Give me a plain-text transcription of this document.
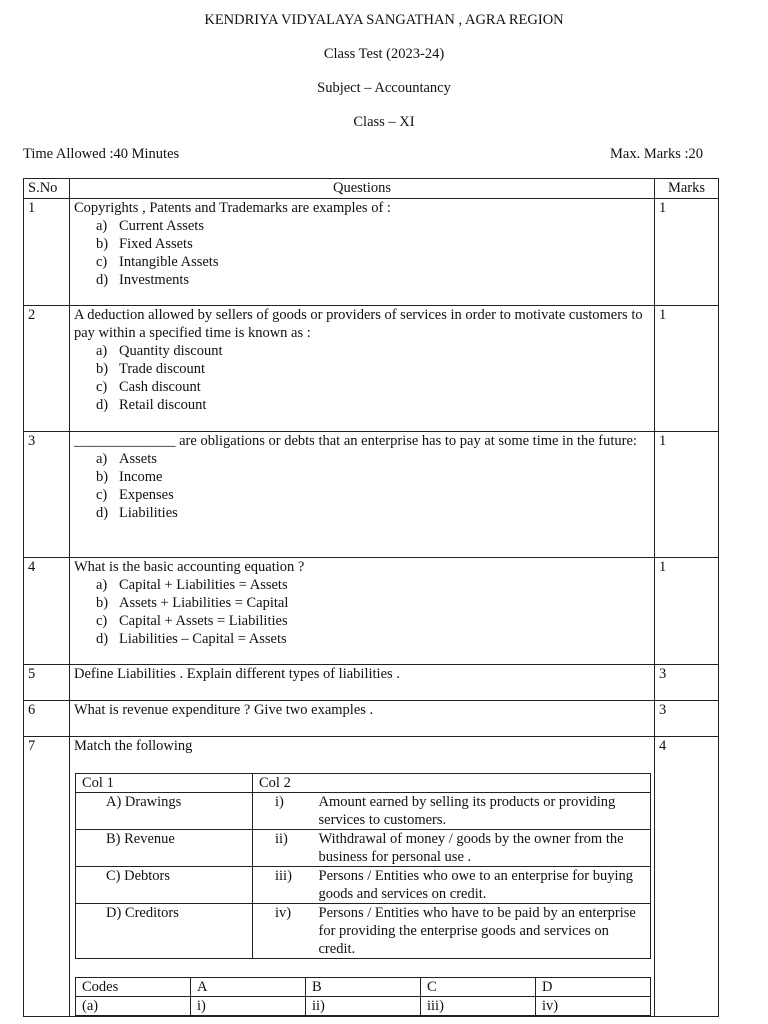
KENDRIYA VIDYALAYA SANGATHAN , AGRA REGION
Class Test (2023-24)
Subject – Accountancy
Class – XI
Time Allowed :40 Minutes	Max. Marks :20
S.No	Questions	Marks
1	Copyrights , Patents and Trademarks are examples of :
a) Current Assets
b) Fixed Assets
c) Intangible Assets
d) Investments
	1
2	A deduction allowed by sellers of goods or providers of services in order to motivate customers to pay within a specified time is known as :
a) Quantity discount
b) Trade discount
c) Cash discount
d) Retail discount
	1
3	______________ are obligations or debts that an enterprise has to pay at some time in the future:
a) Assets
b) Income
c) Expenses
d) Liabilities
	1
4	What is the basic accounting equation ?
a) Capital + Liabilities = Assets
b) Assets + Liabilities = Capital
c) Capital + Assets = Liabilities
d) Liabilities – Capital = Assets
	1
5	Define Liabilities . Explain different types of liabilities .	3
6	What is revenue expenditure ? Give two examples .	3
7	Match the following
Col 1	Col 2
A) Drawings	i)	Amount earned by selling its products or providing services to customers.
B) Revenue	ii)	Withdrawal of money / goods by the owner from the business for personal use .
C) Debtors	iii)	Persons / Entities who owe to an enterprise for buying goods and services on credit.
D) Creditors	iv)	Persons / Entities who have to be paid by an enterprise for providing the enterprise goods and services on credit.
Codes	A	B	C	D
(a)	i)	ii)	iii)	iv)
	4
